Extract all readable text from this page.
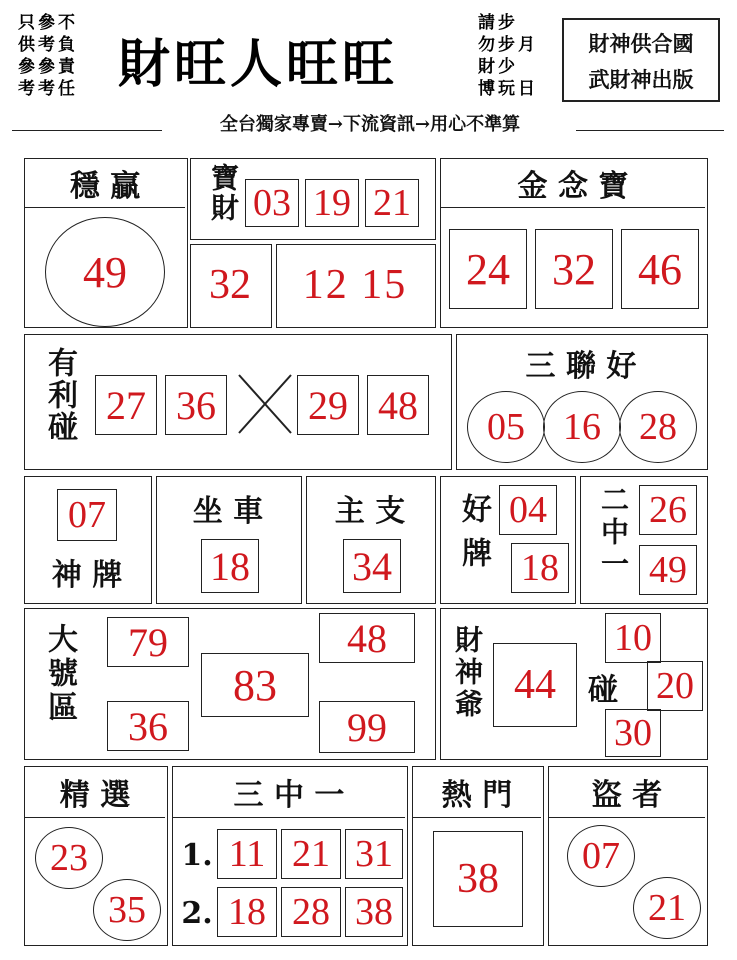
只參不
供考負
參參責
考考任 財旺人旺旺
請步
勿步月
財少
博玩日
財神供合國
武財神出版
全台獨家專賣→下流資訊→用心不準算
穩 贏
49
寶財 03 19 21
32	12 15
金 念 寶
24 32 46
有利碰 27 36 29 48
三 聯 好
05	16	28
07
神 牌
坐 車
18
主 支
34	好牌 04
18	二中一 26
49
大號區	79
36
83
48
99
財神爺 44	碰
10
20
30
精 選
23
35
三 中 一
1. 11 21 31
2. 18 28 38
熱 門
38
盜 者
07
21
